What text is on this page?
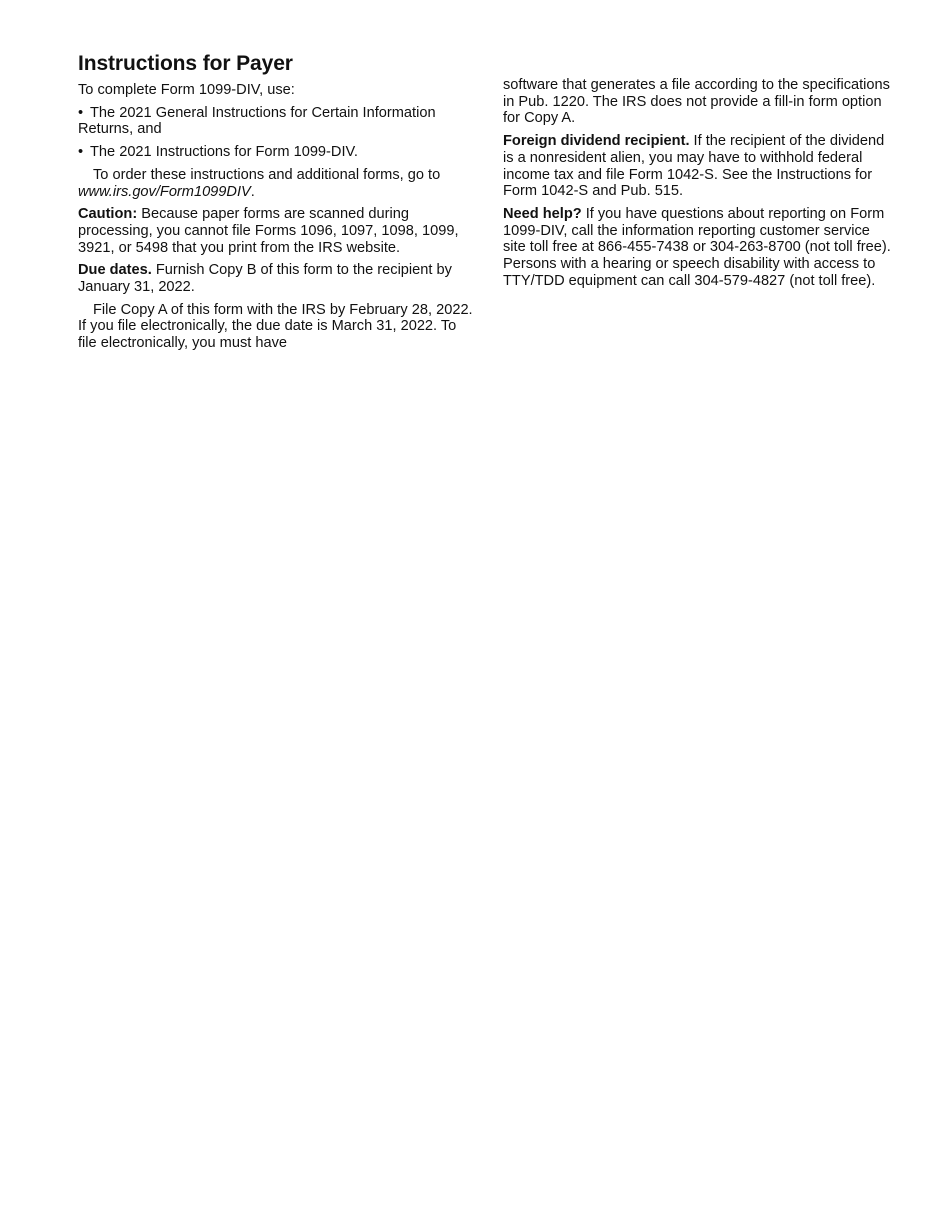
Instructions for Payer

To complete Form 1099-DIV, use:

• The 2021 General Instructions for Certain Information Returns, and

• The 2021 Instructions for Form 1099-DIV.

To order these instructions and additional forms, go to www.irs.gov/Form1099DIV.

Caution: Because paper forms are scanned during processing, you cannot file Forms 1096, 1097, 1098, 1099, 3921, or 5498 that you print from the IRS website.

Due dates. Furnish Copy B of this form to the recipient by January 31, 2022.

File Copy A of this form with the IRS by February 28, 2022. If you file electronically, the due date is March 31, 2022. To file electronically, you must have

software that generates a file according to the specifications in Pub. 1220. The IRS does not provide a fill-in form option for Copy A.

Foreign dividend recipient. If the recipient of the dividend is a nonresident alien, you may have to withhold federal income tax and file Form 1042-S. See the Instructions for Form 1042-S and Pub. 515.

Need help? If you have questions about reporting on Form 1099-DIV, call the information reporting customer service site toll free at 866-455-7438 or 304-263-8700 (not toll free). Persons with a hearing or speech disability with access to TTY/TDD equipment can call 304-579-4827 (not toll free).
